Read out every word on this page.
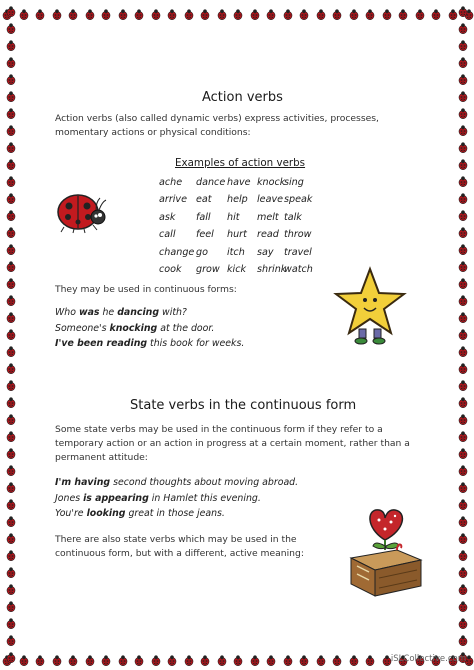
Action verbs
Action verbs (also called dynamic verbs) express activities, processes,
momentary actions or physical conditions:
Examples of action verbs
ache dance have knock
sing
arrive eat help leave speak
ask fall hit melt talk
call feel hurt read throw
change go itch say travel
cook grow kick shrink
watch
They may be used in continuous forms:
Who was he dancing with?
Someone's knocking at the door.
I've been reading this book for weeks.
State verbs in the continuous form
Some state verbs may be used in the continuous form if they refer to a
temporary action or an action in progress at a certain moment, rather than a
permanent attitude:
I'm having second thoughts about moving abroad.
Jones is appearing in Hamlet this evening.
You're looking great in those jeans.
There are also state verbs which may be used in the
continuous form, but with a different, active meaning:
iSLCollective.com
